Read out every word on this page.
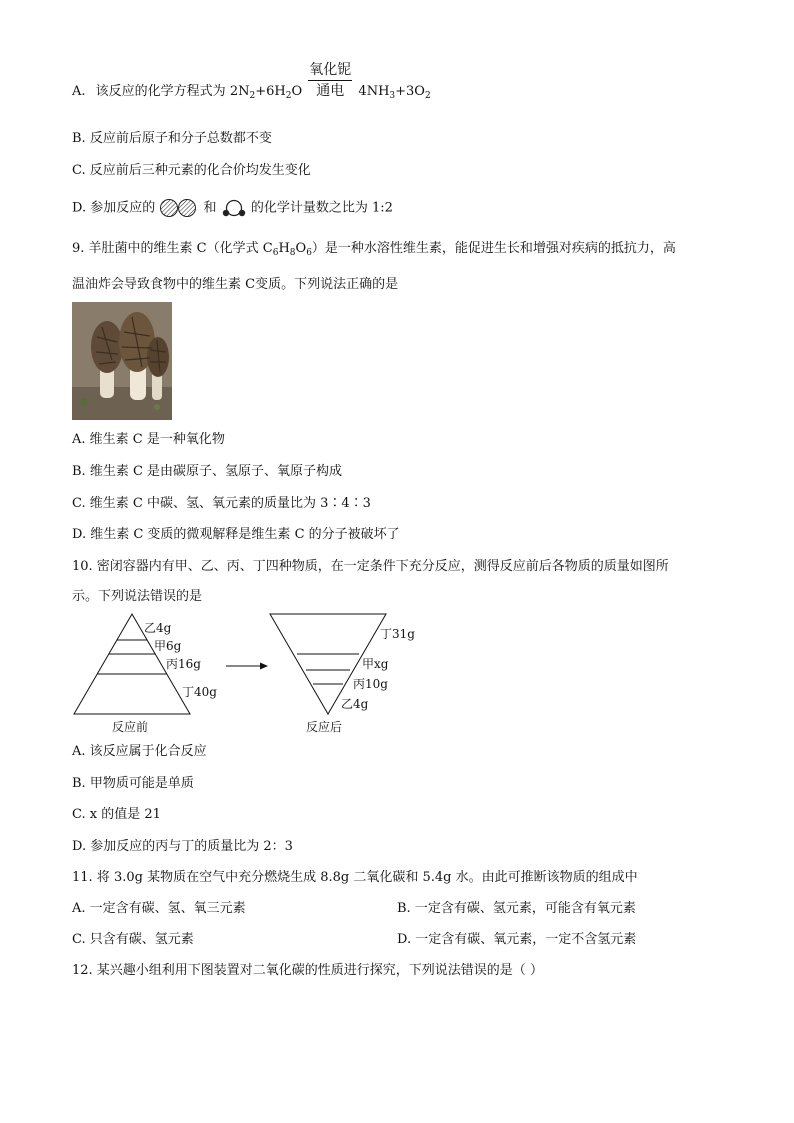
A. 该反应的化学方程式为 $2N_2+6H_2O \frac{\text{氧化铌}}{\text{通电}} 4NH_3+3O_2$
B. 反应前后原子和分子总数都不变
C. 反应前后三种元素的化合价均发生变化
D. 参加反应的	和	的化学计量数之比为 1:2
9. 羊肚菌中的维生素 C（化学式 $C_6H_8O_6$）是一种水溶性维生素，能促进生长和增强对疾病的抵抗力，高
温油炸会导致食物中的维生素 C变质。下列说法正确的是
A. 维生素 C 是一种氧化物
B. 维生素 C 是由碳原子、氢原子、氧原子构成
C. 维生素 C 中碳、氢、氧元素的质量比为 3∶4∶3
D. 维生素 C 变质的微观解释是维生素 C 的分子被破坏了
10. 密闭容器内有甲、乙、丙、丁四种物质，在一定条件下充分反应，测得反应前后各物质的质量如图所
示。下列说法错误的是
乙4g
甲6g
丙16g
丁40g
反应前
丁31g
甲xg
丙10g
乙4g
反应后
A. 该反应属于化合反应
B. 甲物质可能是单质
C. x 的值是 21
D. 参加反应的丙与丁的质量比为 2：3
11. 将 3.0g 某物质在空气中充分燃烧生成 8.8g 二氧化碳和 5.4g 水。由此可推断该物质的组成中
A. 一定含有碳、氢、氧三元素	B. 一定含有碳、氢元素，可能含有氧元素
C. 只含有碳、氢元素	D. 一定含有碳、氧元素，一定不含氢元素
12. 某兴趣小组利用下图装置对二氧化碳的性质进行探究，下列说法错误的是（ ）
